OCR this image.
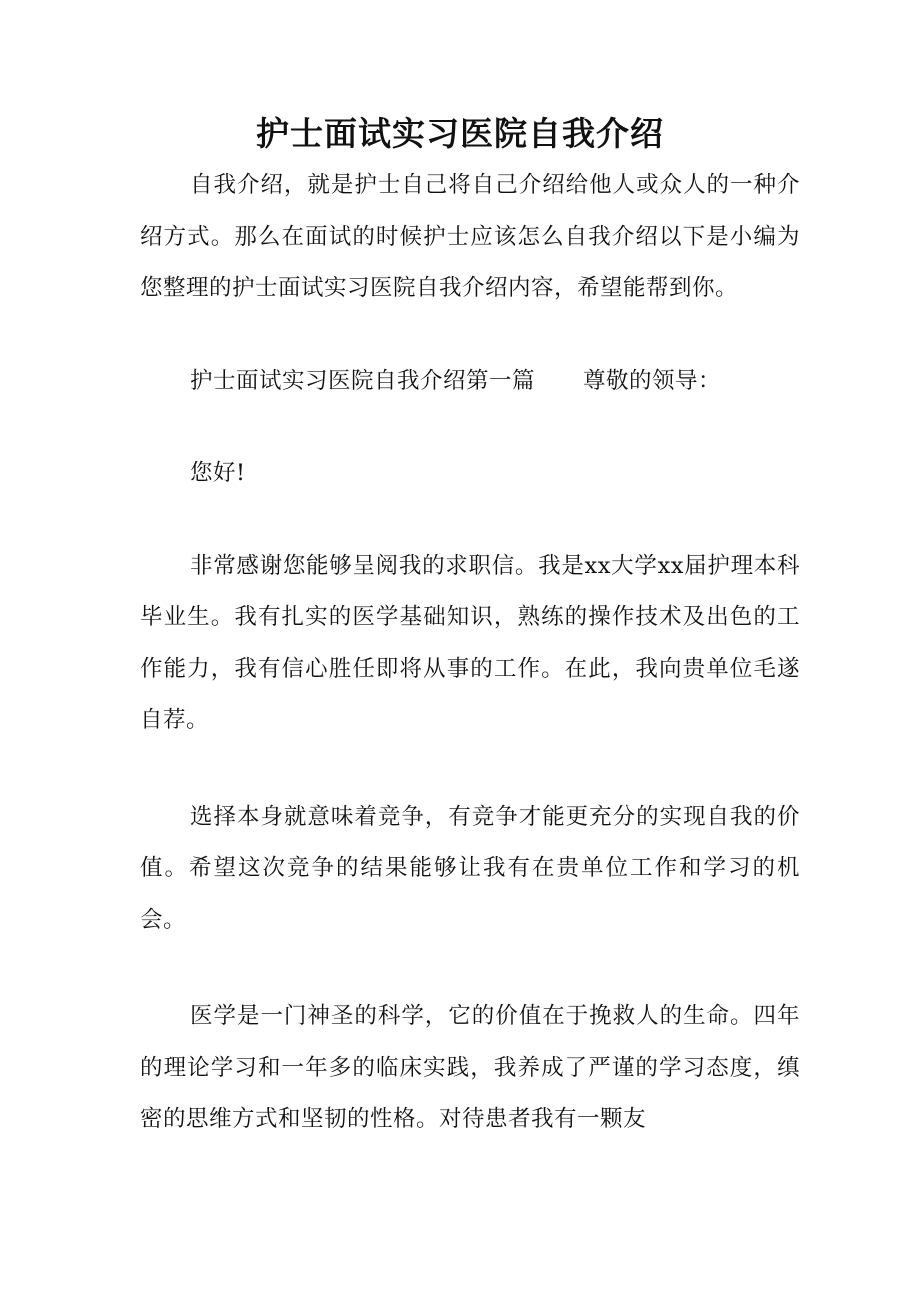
护士面试实习医院自我介绍

自我介绍，就是护士自己将自己介绍给他人或众人的一种介绍方式。那么在面试的时候护士应该怎么自我介绍以下是小编为您整理的护士面试实习医院自我介绍内容，希望能帮到你。

护士面试实习医院自我介绍第一篇 尊敬的领导：

您好!

非常感谢您能够呈阅我的求职信。我是xx大学xx届护理本科毕业生。我有扎实的医学基础知识，熟练的操作技术及出色的工作能力，我有信心胜任即将从事的工作。在此，我向贵单位毛遂自荐。

选择本身就意味着竞争，有竞争才能更充分的实现自我的价值。希望这次竞争的结果能够让我有在贵单位工作和学习的机会。

医学是一门神圣的科学，它的价值在于挽救人的生命。四年的理论学习和一年多的临床实践，我养成了严谨的学习态度，缜密的思维方式和坚韧的性格。对待患者我有一颗友
